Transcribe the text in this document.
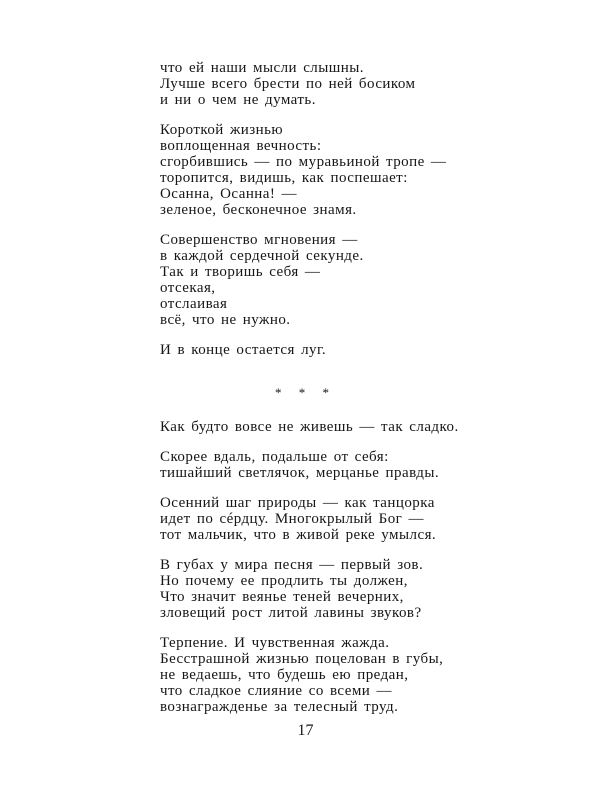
что ей наши мысли слышны.
Лучше всего брести по ней босиком
и ни о чем не думать.
Короткой жизнью
воплощенная вечность:
сгорбившись — по муравьиной тропе —
торопится, видишь, как поспешает:
Осанна, Осанна! —
зеленое, бесконечное знамя.
Совершенство мгновения —
в каждой сердечной секунде.
Так и творишь себя —
отсекая,
отслаивая
всё, что не нужно.
И в конце остается луг.
* * *
Как будто вовсе не живешь — так сладко.
Скорее вдаль, подальше от себя:
тишайший светлячок, мерцанье правды.
Осенний шаг природы — как танцорка
идет по сéрдцу. Многокрылый Бог —
тот мальчик, что в живой реке умылся.
В губах у мира песня — первый зов.
Но почему ее продлить ты должен,
Что значит веянье теней вечерних,
зловещий рост литой лавины звуков?
Терпение. И чувственная жажда.
Бесстрашной жизнью поцелован в губы,
не ведаешь, что будешь ею предан,
что сладкое слияние со всеми —
вознагражденье за телесный труд.
17
